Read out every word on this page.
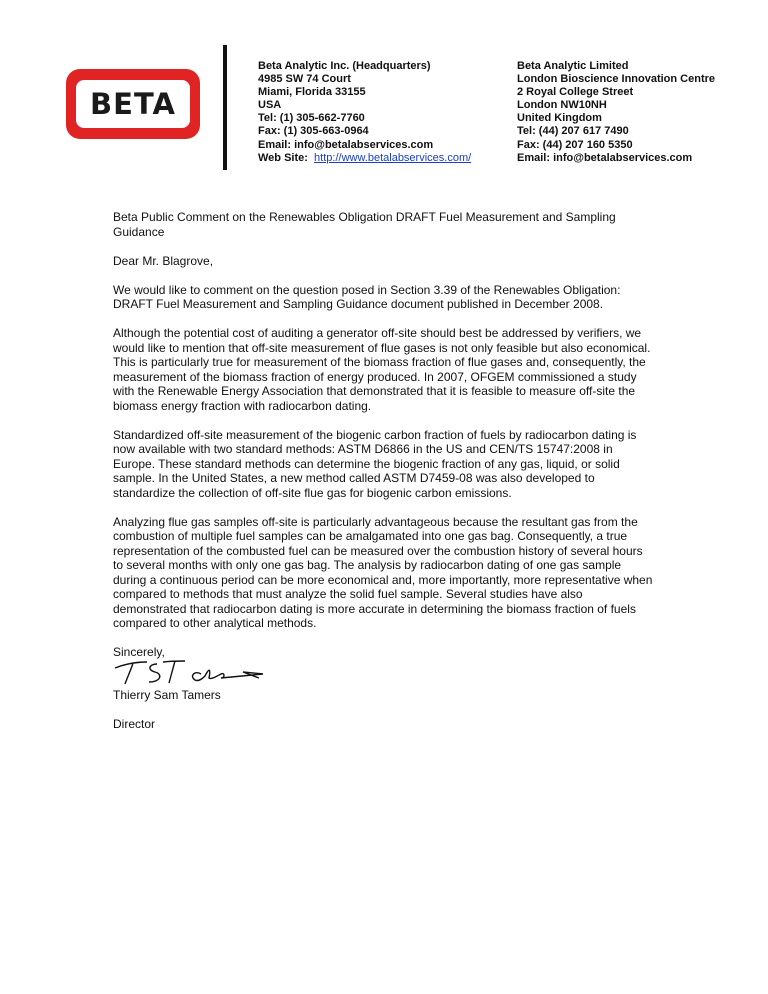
BETA
Beta Analytic Inc. (Headquarters)
4985 SW 74 Court
Miami, Florida 33155
USA
Tel: (1) 305-662-7760
Fax: (1) 305-663-0964
Email: info@betalabservices.com
Web Site: http://www.betalabservices.com/
Beta Analytic Limited
London Bioscience Innovation Centre
2 Royal College Street
London NW10NH
United Kingdom
Tel: (44) 207 617 7490
Fax: (44) 207 160 5350
Email: info@betalabservices.com

Beta Public Comment on the Renewables Obligation DRAFT Fuel Measurement and Sampling Guidance

Dear Mr. Blagrove,

We would like to comment on the question posed in Section 3.39 of the Renewables Obligation: DRAFT Fuel Measurement and Sampling Guidance document published in December 2008.

Although the potential cost of auditing a generator off-site should best be addressed by verifiers, we would like to mention that off-site measurement of flue gases is not only feasible but also economical. This is particularly true for measurement of the biomass fraction of flue gases and, consequently, the measurement of the biomass fraction of energy produced. In 2007, OFGEM commissioned a study with the Renewable Energy Association that demonstrated that it is feasible to measure off-site the biomass energy fraction with radiocarbon dating.

Standardized off-site measurement of the biogenic carbon fraction of fuels by radiocarbon dating is now available with two standard methods: ASTM D6866 in the US and CEN/TS 15747:2008 in Europe. These standard methods can determine the biogenic fraction of any gas, liquid, or solid sample. In the United States, a new method called ASTM D7459-08 was also developed to standardize the collection of off-site flue gas for biogenic carbon emissions.

Analyzing flue gas samples off-site is particularly advantageous because the resultant gas from the combustion of multiple fuel samples can be amalgamated into one gas bag. Consequently, a true representation of the combusted fuel can be measured over the combustion history of several hours to several months with only one gas bag. The analysis by radiocarbon dating of one gas sample during a continuous period can be more economical and, more importantly, more representative when compared to methods that must analyze the solid fuel sample. Several studies have also demonstrated that radiocarbon dating is more accurate in determining the biomass fraction of fuels compared to other analytical methods.

Sincerely,

Thierry Sam Tamers

Director
